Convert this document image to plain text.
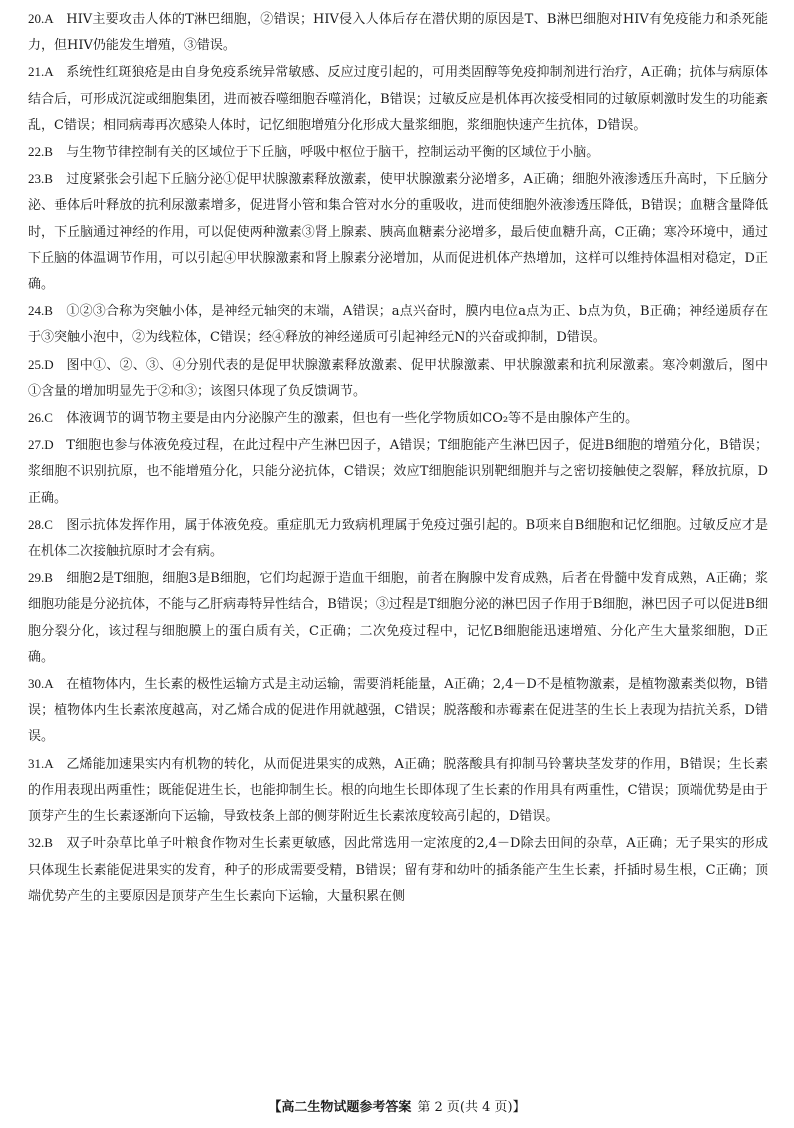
20.A HIV主要攻击人体的T淋巴细胞，②错误；HIV侵入人体后存在潜伏期的原因是T、B淋巴细胞对HIV有免疫能力和杀死能力，但HIV仍能发生增殖，③错误。

21.A 系统性红斑狼疮是由自身免疫系统异常敏感、反应过度引起的，可用类固醇等免疫抑制剂进行治疗，A正确；抗体与病原体结合后，可形成沉淀或细胞集团，进而被吞噬细胞吞噬消化，B错误；过敏反应是机体再次接受相同的过敏原刺激时发生的功能紊乱，C错误；相同病毒再次感染人体时，记忆细胞增殖分化形成大量浆细胞，浆细胞快速产生抗体，D错误。

22.B 与生物节律控制有关的区域位于下丘脑，呼吸中枢位于脑干，控制运动平衡的区域位于小脑。

23.B 过度紧张会引起下丘脑分泌①促甲状腺激素释放激素，使甲状腺激素分泌增多，A正确；细胞外液渗透压升高时，下丘脑分泌、垂体后叶释放的抗利尿激素增多，促进肾小管和集合管对水分的重吸收，进而使细胞外液渗透压降低，B错误；血糖含量降低时，下丘脑通过神经的作用，可以促使两种激素③肾上腺素、胰高血糖素分泌增多，最后使血糖升高，C正确；寒冷环境中，通过下丘脑的体温调节作用，可以引起④甲状腺激素和肾上腺素分泌增加，从而促进机体产热增加，这样可以维持体温相对稳定，D正确。

24.B ①②③合称为突触小体，是神经元轴突的末端，A错误；a点兴奋时，膜内电位a点为正、b点为负，B正确；神经递质存在于③突触小泡中，②为线粒体，C错误；经④释放的神经递质可引起神经元N的兴奋或抑制，D错误。

25.D 图中①、②、③、④分别代表的是促甲状腺激素释放激素、促甲状腺激素、甲状腺激素和抗利尿激素。寒冷刺激后，图中①含量的增加明显先于②和③；该图只体现了负反馈调节。

26.C 体液调节的调节物主要是由内分泌腺产生的激素，但也有一些化学物质如CO₂等不是由腺体产生的。

27.D T细胞也参与体液免疫过程，在此过程中产生淋巴因子，A错误；T细胞能产生淋巴因子，促进B细胞的增殖分化，B错误；浆细胞不识别抗原，也不能增殖分化，只能分泌抗体，C错误；效应T细胞能识别靶细胞并与之密切接触使之裂解，释放抗原，D正确。

28.C 图示抗体发挥作用，属于体液免疫。重症肌无力致病机理属于免疫过强引起的。B项来自B细胞和记忆细胞。过敏反应才是在机体二次接触抗原时才会有病。

29.B 细胞2是T细胞，细胞3是B细胞，它们均起源于造血干细胞，前者在胸腺中发育成熟，后者在骨髓中发育成熟，A正确；浆细胞功能是分泌抗体，不能与乙肝病毒特异性结合，B错误；③过程是T细胞分泌的淋巴因子作用于B细胞，淋巴因子可以促进B细胞分裂分化，该过程与细胞膜上的蛋白质有关，C正确；二次免疫过程中，记忆B细胞能迅速增殖、分化产生大量浆细胞，D正确。

30.A 在植物体内，生长素的极性运输方式是主动运输，需要消耗能量，A正确；2,4－D不是植物激素，是植物激素类似物，B错误；植物体内生长素浓度越高，对乙烯合成的促进作用就越强，C错误；脱落酸和赤霉素在促进茎的生长上表现为拮抗关系，D错误。

31.A 乙烯能加速果实内有机物的转化，从而促进果实的成熟，A正确；脱落酸具有抑制马铃薯块茎发芽的作用，B错误；生长素的作用表现出两重性；既能促进生长，也能抑制生长。根的向地生长即体现了生长素的作用具有两重性，C错误；顶端优势是由于顶芽产生的生长素逐渐向下运输，导致枝条上部的侧芽附近生长素浓度较高引起的，D错误。

32.B 双子叶杂草比单子叶粮食作物对生长素更敏感，因此常选用一定浓度的2,4－D除去田间的杂草，A正确；无子果实的形成只体现生长素能促进果实的发育，种子的形成需要受精，B错误；留有芽和幼叶的插条能产生生长素，扦插时易生根，C正确；顶端优势产生的主要原因是顶芽产生生长素向下运输，大量积累在侧

【高二生物试题参考答案 第 2 页(共 4 页)】
